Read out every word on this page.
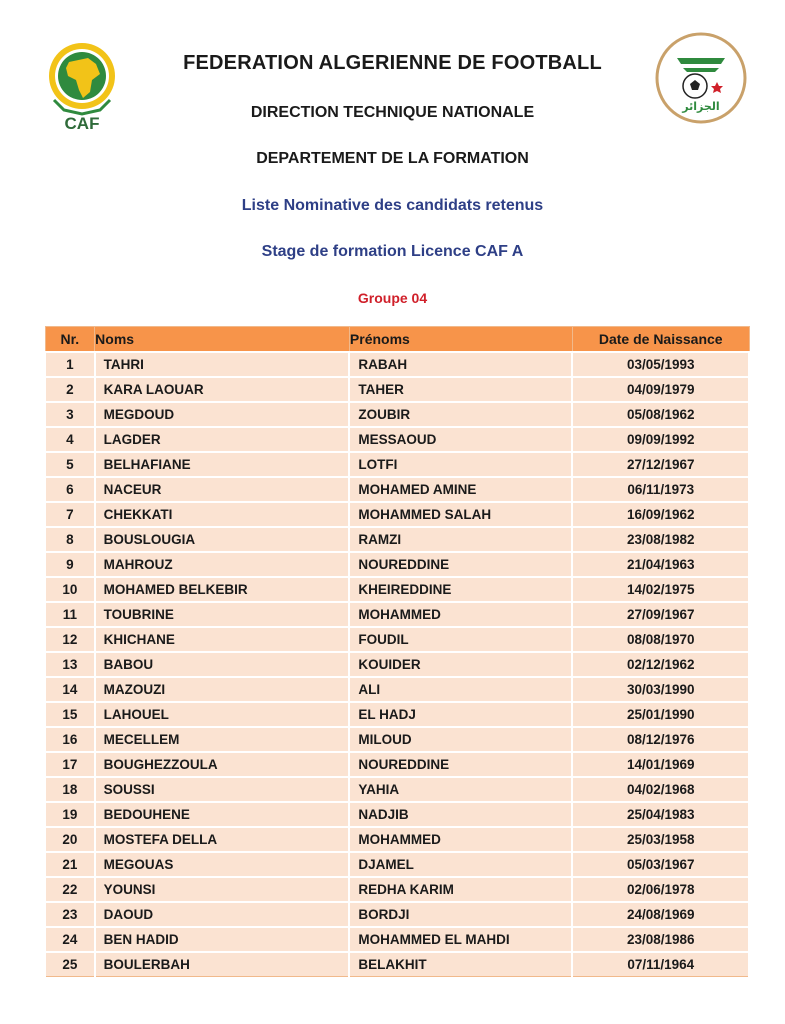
CAF
الجزائر
FEDERATION ALGERIENNE DE FOOTBALL
DIRECTION TECHNIQUE NATIONALE
DEPARTEMENT DE LA FORMATION
Liste Nominative des candidats retenus
Stage de formation Licence CAF A
Groupe 04
Nr.	Noms	Prénoms	Date de Naissance
1	TAHRI	RABAH	03/05/1993
2	KARA LAOUAR	TAHER	04/09/1979
3	MEGDOUD	ZOUBIR	05/08/1962
4	LAGDER	MESSAOUD	09/09/1992
5	BELHAFIANE	LOTFI	27/12/1967
6	NACEUR	MOHAMED AMINE	06/11/1973
7	CHEKKATI	MOHAMMED SALAH	16/09/1962
8	BOUSLOUGIA	RAMZI	23/08/1982
9	MAHROUZ	NOUREDDINE	21/04/1963
10	MOHAMED BELKEBIR	KHEIREDDINE	14/02/1975
11	TOUBRINE	MOHAMMED	27/09/1967
12	KHICHANE	FOUDIL	08/08/1970
13	BABOU	KOUIDER	02/12/1962
14	MAZOUZI	ALI	30/03/1990
15	LAHOUEL	EL HADJ	25/01/1990
16	MECELLEM	MILOUD	08/12/1976
17	BOUGHEZZOULA	NOUREDDINE	14/01/1969
18	SOUSSI	YAHIA	04/02/1968
19	BEDOUHENE	NADJIB	25/04/1983
20	MOSTEFA DELLA	MOHAMMED	25/03/1958
21	MEGOUAS	DJAMEL	05/03/1967
22	YOUNSI	REDHA KARIM	02/06/1978
23	DAOUD	BORDJI	24/08/1969
24	BEN HADID	MOHAMMED EL MAHDI	23/08/1986
25	BOULERBAH	BELAKHIT	07/11/1964
